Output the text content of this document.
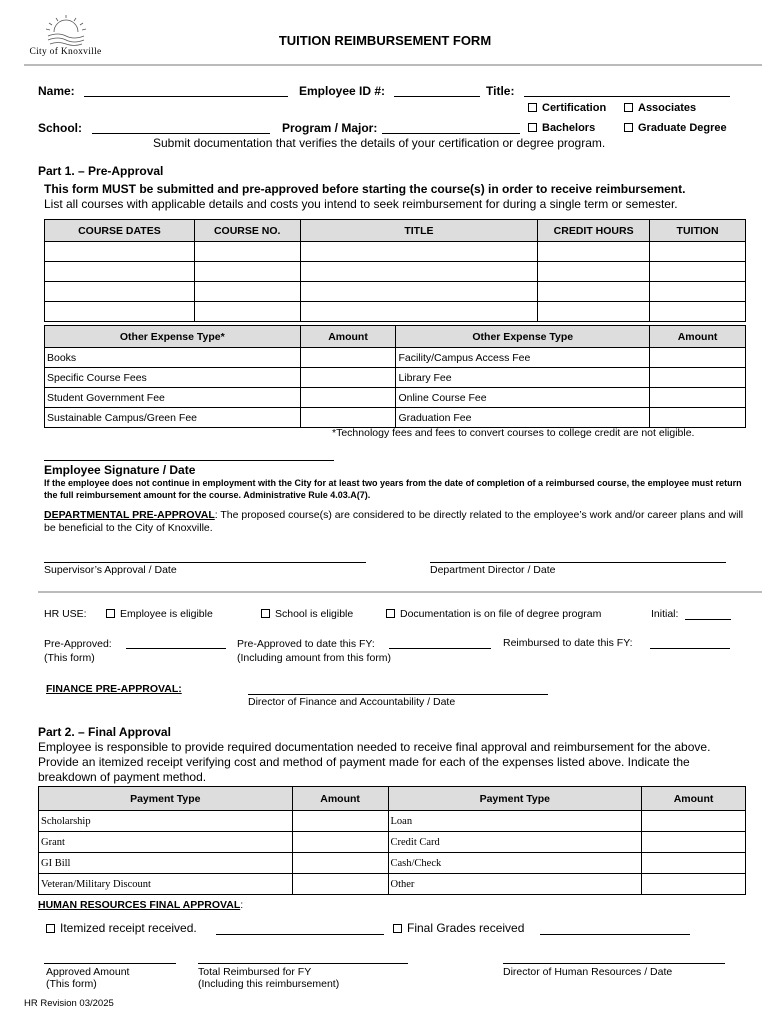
City of Knoxville
TUITION REIMBURSEMENT FORM
Name:	Employee ID #:	Title:
Certification	Associates
Bachelors	Graduate Degree
School:	Program / Major:
Submit documentation that verifies the details of your certification or degree program.
Part 1. – Pre-Approval
This form MUST be submitted and pre-approved before starting the course(s) in order to receive reimbursement.
List all courses with applicable details and costs you intend to seek reimbursement for during a single term or semester.
COURSE DATES	COURSE NO.	TITLE	CREDIT HOURS	TUITION

Other Expense Type*	Amount	Other Expense Type	Amount
Books		Facility/Campus Access Fee	
Specific Course Fees		Library Fee	
Student Government Fee		Online Course Fee	
Sustainable Campus/Green Fee		Graduation Fee	
*Technology fees and fees to convert courses to college credit are not eligible.
Employee Signature / Date
If the employee does not continue in employment with the City for at least two years from the date of completion of a reimbursed course, the employee must return the full reimbursement amount for the course. Administrative Rule 4.03.A(7).
DEPARTMENTAL PRE-APPROVAL: The proposed course(s) are considered to be directly related to the employee’s work and/or career plans and will be beneficial to the City of Knoxville.
Supervisor’s Approval / Date	Department Director / Date
HR USE:	Employee is eligible	School is eligible	Documentation is on file of degree program	Initial:
Pre-Approved:
(This form)
Pre-Approved to date this FY:
(Including amount from this form)
Reimbursed to date this FY:
FINANCE PRE-APPROVAL:
Director of Finance and Accountability / Date
Part 2. – Final Approval
Employee is responsible to provide required documentation needed to receive final approval and reimbursement for the above. Provide an itemized receipt verifying cost and method of payment made for each of the expenses listed above. Indicate the breakdown of payment method.
Payment Type	Amount	Payment Type	Amount
Scholarship		Loan	
Grant		Credit Card	
GI Bill		Cash/Check	
Veteran/Military Discount		Other	
HUMAN RESOURCES FINAL APPROVAL:
Itemized receipt received.	Final Grades received
Approved Amount
(This form)
Total Reimbursed for FY
(Including this reimbursement)
Director of Human Resources / Date
HR Revision 03/2025
